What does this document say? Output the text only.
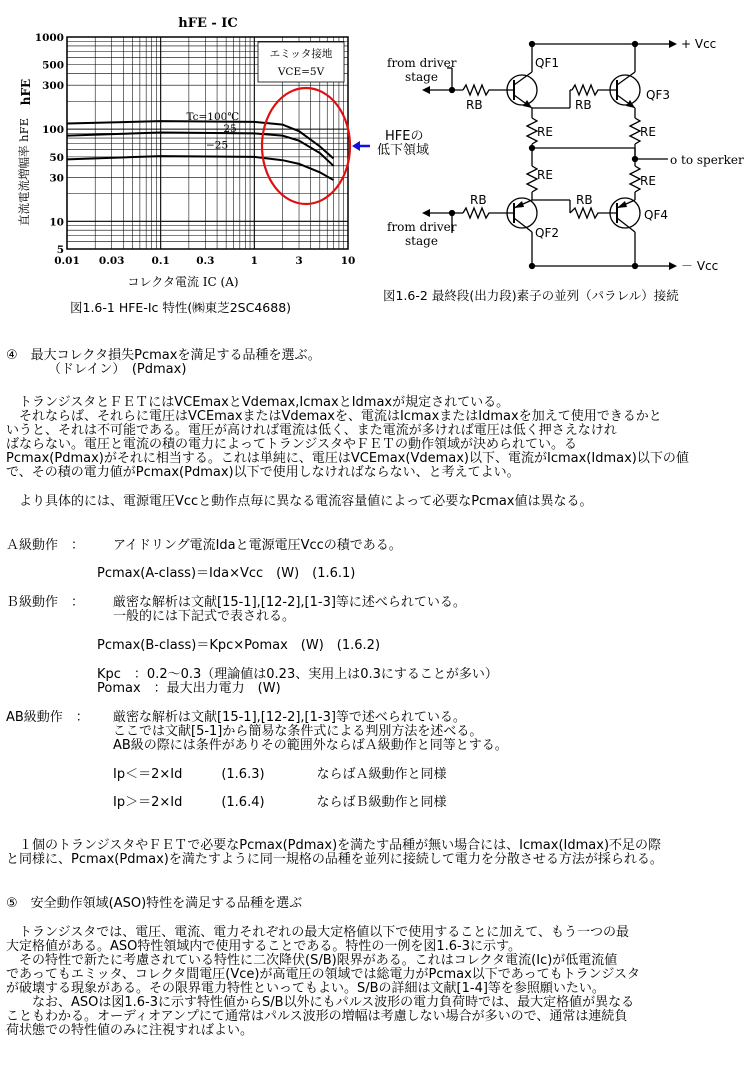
エミッタ接地
VCE=5V
hFE - IC
コレクタ電流 IC (A)
hFE
直流電流増幅率 hFE
0.01 0.03	0.1	0.3	1	3	10
1000
500
300
100
50
30
10
5
Tc=100℃
25
−25
HFEの
低下領域
図1.6-1 HFE-Ic 特性(㈱東芝2SC4688)
+ Vcc
－ Vcc
from driver
stage
from driver
stage
RB	RB
RB	RB
RE	RE
RE	RE
QF1
QF3
QF2
QF4
o to sperker
図1.6-2 最終段(出力段)素子の並列（パラレル）接続
④　最大コレクタ損失Pcmaxを満足する品種を選ぶ。
（ドレイン）　(Pdmax)
　トランジスタとＦＥＴにはVCEmaxとVdemax,IcmaxとIdmaxが規定されている。
　それならば、それらに電圧はVCEmaxまたはVdemaxを、電流はIcmaxまたはIdmaxを加えて使用できるかと
いうと、それは不可能である。電圧が高ければ電流は低く、また電流が多ければ電圧は低く押さえなけれ
ばならない。電圧と電流の積の電力によってトランジスタやＦＥＴの動作領域が決められてい。る
Pcmax(Pdmax)がそれに相当する。これは単純に、電圧はVCEmax(Vdemax)以下、電流がIcmax(Idmax)以下の値
で、その積の電力値がPcmax(Pdmax)以下で使用しなければならない、と考えてよい。
　より具体的には、電源電圧Vccと動作点毎に異なる電流容量値によって必要なPcmax値は異なる。
Ａ級動作　： アイドリング電流Idaと電源電圧Vccの積である。
Pcmax(A-class)＝Ida×Vcc　(W)　(1.6.1)
Ｂ級動作　： 厳密な解析は文献[15-1],[12-2],[1-3]等に述べられている。
一般的には下記式で表される。
Pcmax(B-class)＝Kpc×Pomax　(W)　(1.6.2)
Kpc　：0.2～0.3（理論値は0.23、実用上は0.3にすることが多い）
Pomax　：最大出力電力　(W)
AB級動作　： 厳密な解析は文献[15-1],[12-2],[1-3]等で述べられている。
ここでは文献[5-1]から簡易な条件式による判別方法を述べる。
AB級の際には条件がありその範囲外ならばＡ級動作と同等とする。
Ip＜＝2×Id　　　(1.6.3)　　　　ならばＡ級動作と同様
Ip＞＝2×Id　　　(1.6.4)　　　　ならばＢ級動作と同様
　１個のトランジスタやＦＥＴで必要なPcmax(Pdmax)を満たす品種が無い場合には、Icmax(Idmax)不足の際
と同様に、Pcmax(Pdmax)を満たすように同一規格の品種を並列に接続して電力を分散させる方法が採られる。
⑤　安全動作領域(ASO)特性を満足する品種を選ぶ
　トランジスタでは、電圧、電流、電力それぞれの最大定格値以下で使用することに加えて、もう一つの最
大定格値がある。ASO特性領域内で使用することである。特性の一例を図1.6-3に示す。
　その特性で新たに考慮されている特性に二次降伏(S/B)限界がある。これはコレクタ電流(Ic)が低電流値
であってもエミッタ、コレクタ間電圧(Vce)が高電圧の領域では総電力がPcmax以下であってもトランジスタ
が破壊する現象がある。その限界電力特性といってもよい。S/Bの詳細は文献[1-4]等を参照願いたい。
　　なお、ASOは図1.6-3に示す特性値からS/B以外にもパルス波形の電力負荷時では、最大定格値が異なる
こともわかる。オーディオアンプにて通常はパルス波形の増幅は考慮しない場合が多いので、通常は連続負
荷状態での特性値のみに注視すればよい。
